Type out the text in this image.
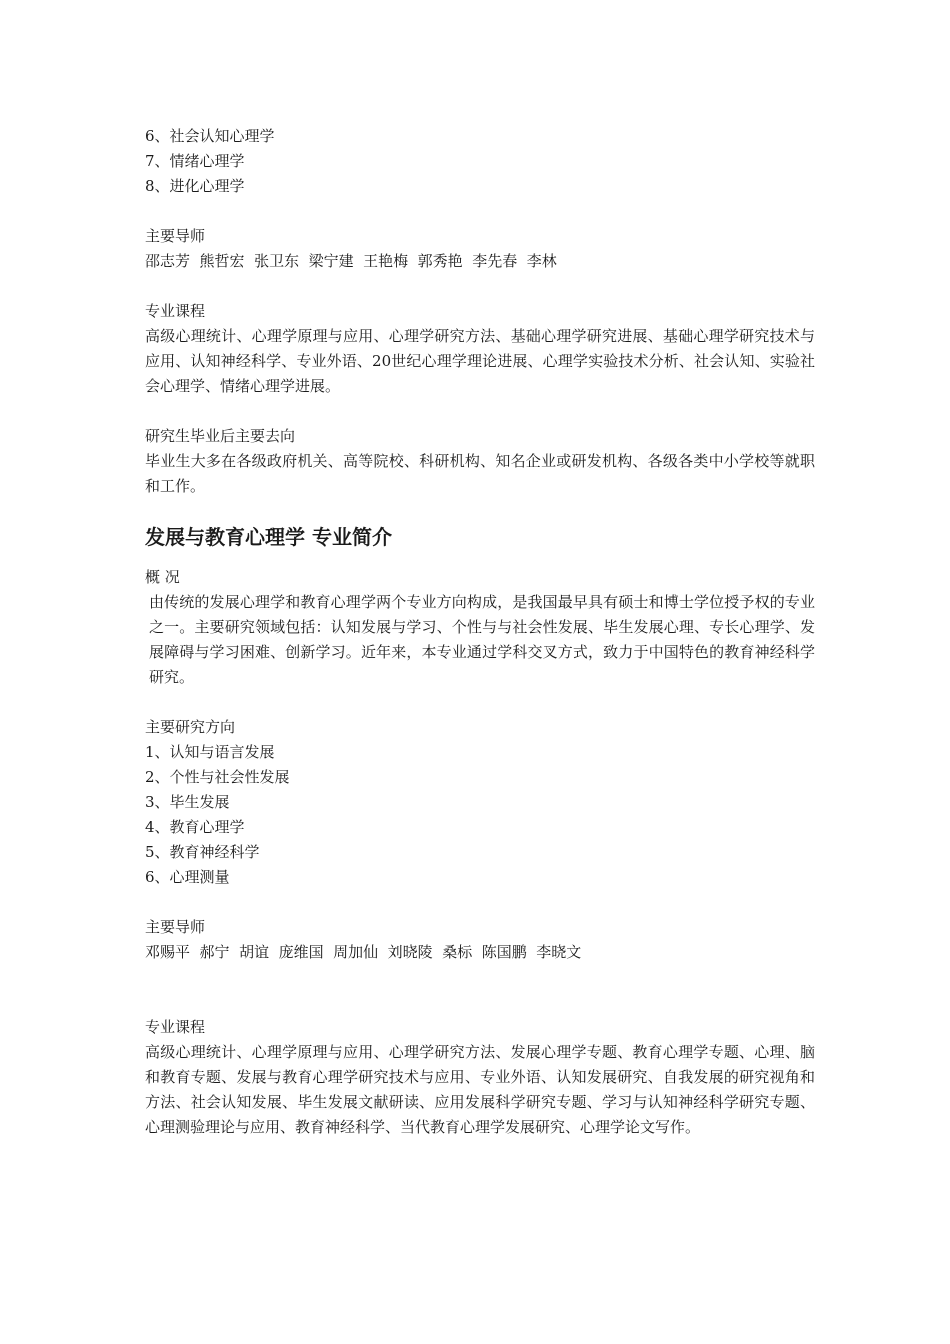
6、社会认知心理学
7、情绪心理学
8、进化心理学
主要导师
邵志芳  熊哲宏  张卫东  梁宁建  王艳梅  郭秀艳  李先春  李林
专业课程
高级心理统计、心理学原理与应用、心理学研究方法、基础心理学研究进展、基础心理学研究技术与应用、认知神经科学、专业外语、20世纪心理学理论进展、心理学实验技术分析、社会认知、实验社会心理学、情绪心理学进展。
研究生毕业后主要去向
毕业生大多在各级政府机关、高等院校、科研机构、知名企业或研发机构、各级各类中小学校等就职和工作。
发展与教育心理学 专业简介
概 况
由传统的发展心理学和教育心理学两个专业方向构成，是我国最早具有硕士和博士学位授予权的专业之一。主要研究领域包括：认知发展与学习、个性与与社会性发展、毕生发展心理、专长心理学、发展障碍与学习困难、创新学习。近年来，本专业通过学科交叉方式，致力于中国特色的教育神经科学研究。
主要研究方向
1、认知与语言发展
2、个性与社会性发展
3、毕生发展
4、教育心理学
5、教育神经科学
6、心理测量
主要导师
邓赐平  郝宁  胡谊  庞维国  周加仙  刘晓陵  桑标  陈国鹏  李晓文
专业课程
高级心理统计、心理学原理与应用、心理学研究方法、发展心理学专题、教育心理学专题、心理、脑和教育专题、发展与教育心理学研究技术与应用、专业外语、认知发展研究、自我发展的研究视角和方法、社会认知发展、毕生发展文献研读、应用发展科学研究专题、学习与认知神经科学研究专题、心理测验理论与应用、教育神经科学、当代教育心理学发展研究、心理学论文写作。
